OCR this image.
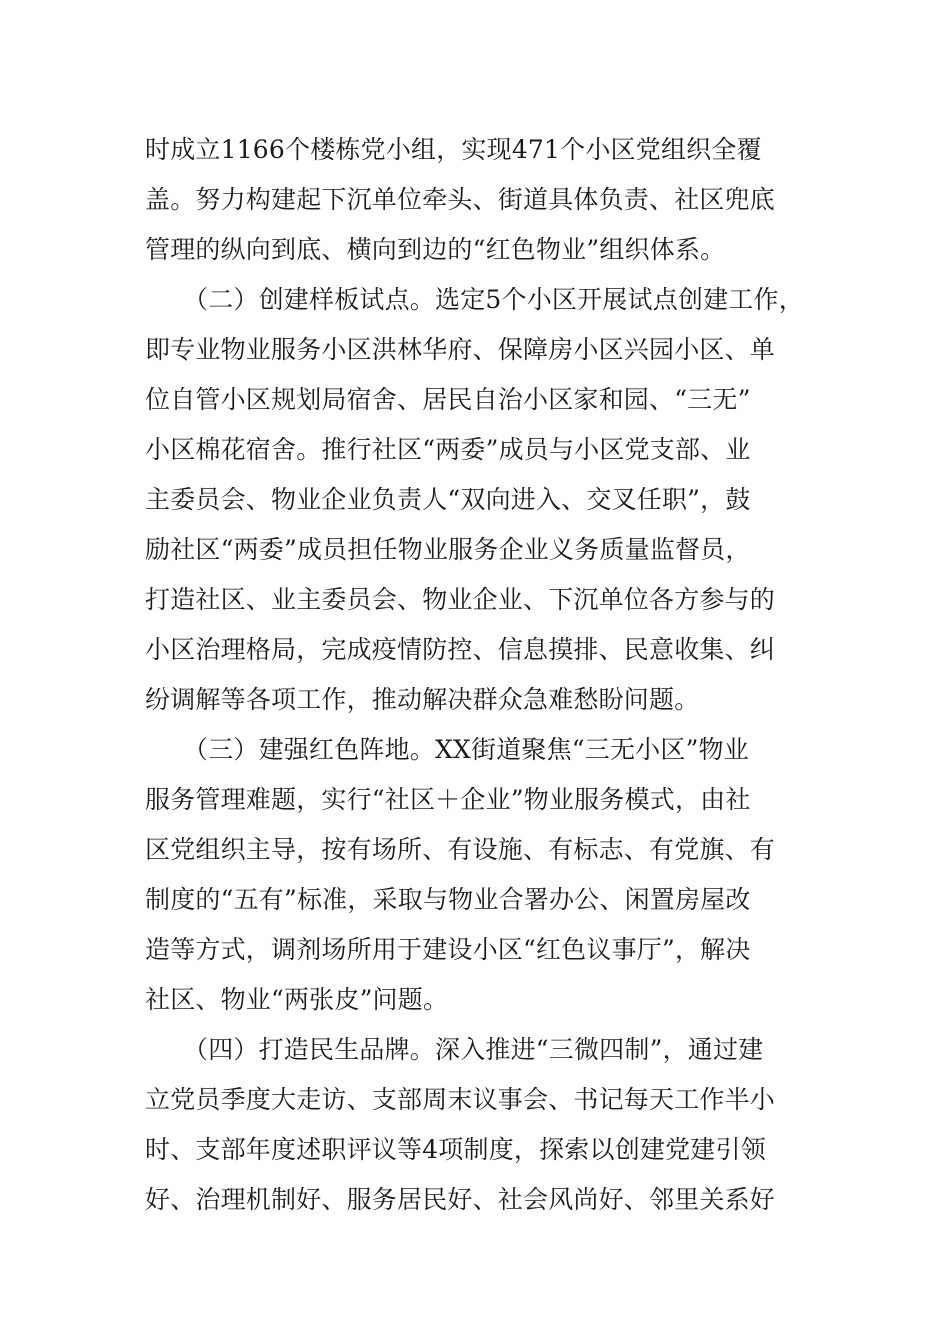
时成立1166个楼栋党小组，实现471个小区党组织全覆
盖。努力构建起下沉单位牵头、街道具体负责、社区兜底
管理的纵向到底、横向到边的“红色物业”组织体系。
（二）创建样板试点。选定5个小区开展试点创建工作，
即专业物业服务小区洪林华府、保障房小区兴园小区、单
位自管小区规划局宿舍、居民自治小区家和园、“三无”
小区棉花宿舍。推行社区“两委”成员与小区党支部、业
主委员会、物业企业负责人“双向进入、交叉任职”，鼓
励社区“两委”成员担任物业服务企业义务质量监督员，
打造社区、业主委员会、物业企业、下沉单位各方参与的
小区治理格局，完成疫情防控、信息摸排、民意收集、纠
纷调解等各项工作，推动解决群众急难愁盼问题。
（三）建强红色阵地。XX街道聚焦“三无小区”物业
服务管理难题，实行“社区＋企业”物业服务模式，由社
区党组织主导，按有场所、有设施、有标志、有党旗、有
制度的“五有”标准，采取与物业合署办公、闲置房屋改
造等方式，调剂场所用于建设小区“红色议事厅”，解决
社区、物业“两张皮”问题。
（四）打造民生品牌。深入推进“三微四制”，通过建
立党员季度大走访、支部周末议事会、书记每天工作半小
时、支部年度述职评议等4项制度，探索以创建党建引领
好、治理机制好、服务居民好、社会风尚好、邻里关系好
